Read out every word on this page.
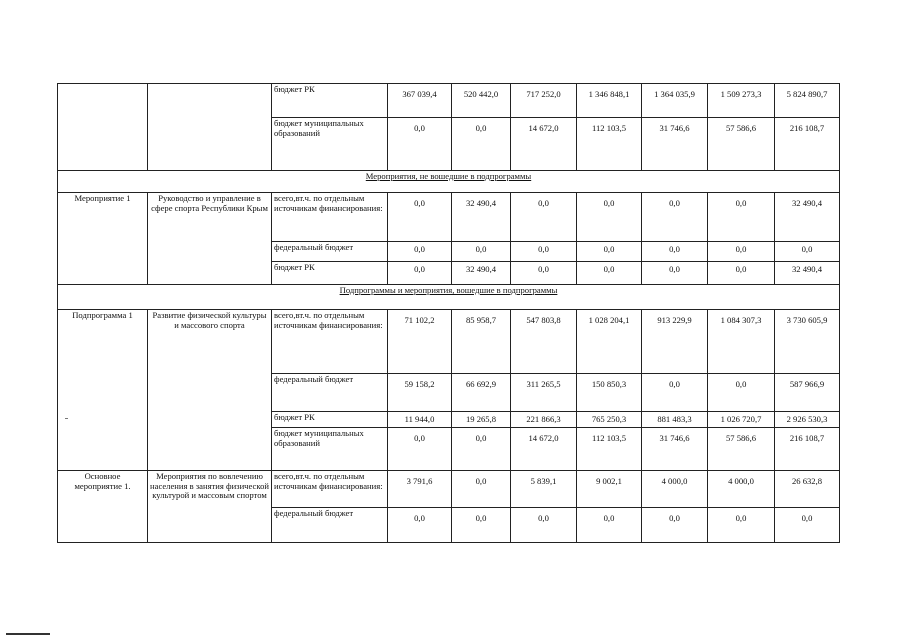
		бюджет РК	367 039,4	520 442,0	717 252,0	1 346 848,1	1 364 035,9	1 509 273,3	5 824 890,7
		бюджет муниципальных образований	0,0	0,0	14 672,0	112 103,5	31 746,6	57 586,6	216 108,7
Мероприятия, не вошедшие в подпрограммы									
Мероприятие 1	Руководство и управление в сфере спорта Республики Крым	всего,вт.ч. по отдельным источникам финансирования:	0,0	32 490,4	0,0	0,0	0,0	0,0	32 490,4
		федеральный бюджет	0,0	0,0	0,0	0,0	0,0	0,0	0,0
		бюджет РК	0,0	32 490,4	0,0	0,0	0,0	0,0	32 490,4
Подпрограммы и мероприятия, вошедшие в подпрограммы									
Подпрограмма 1	Развитие физической культуры и массового спорта	всего,вт.ч. по отдельным источникам финансирования:	71 102,2	85 958,7	547 803,8	1 028 204,1	913 229,9	1 084 307,3	3 730 605,9
		федеральный бюджет	59 158,2	66 692,9	311 265,5	150 850,3	0,0	0,0	587 966,9
		бюджет РК	11 944,0	19 265,8	221 866,3	765 250,3	881 483,3	1 026 720,7	2 926 530,3
		бюджет муниципальных образований	0,0	0,0	14 672,0	112 103,5	31 746,6	57 586,6	216 108,7
Основное мероприятие 1.	Мероприятия по вовлечению населения в занятия физической культурой и массовым спортом	всего,вт.ч. по отдельным источникам финансирования:	3 791,6	0,0	5 839,1	9 002,1	4 000,0	4 000,0	26 632,8
		федеральный бюджет	0,0	0,0	0,0	0,0	0,0	0,0	0,0
